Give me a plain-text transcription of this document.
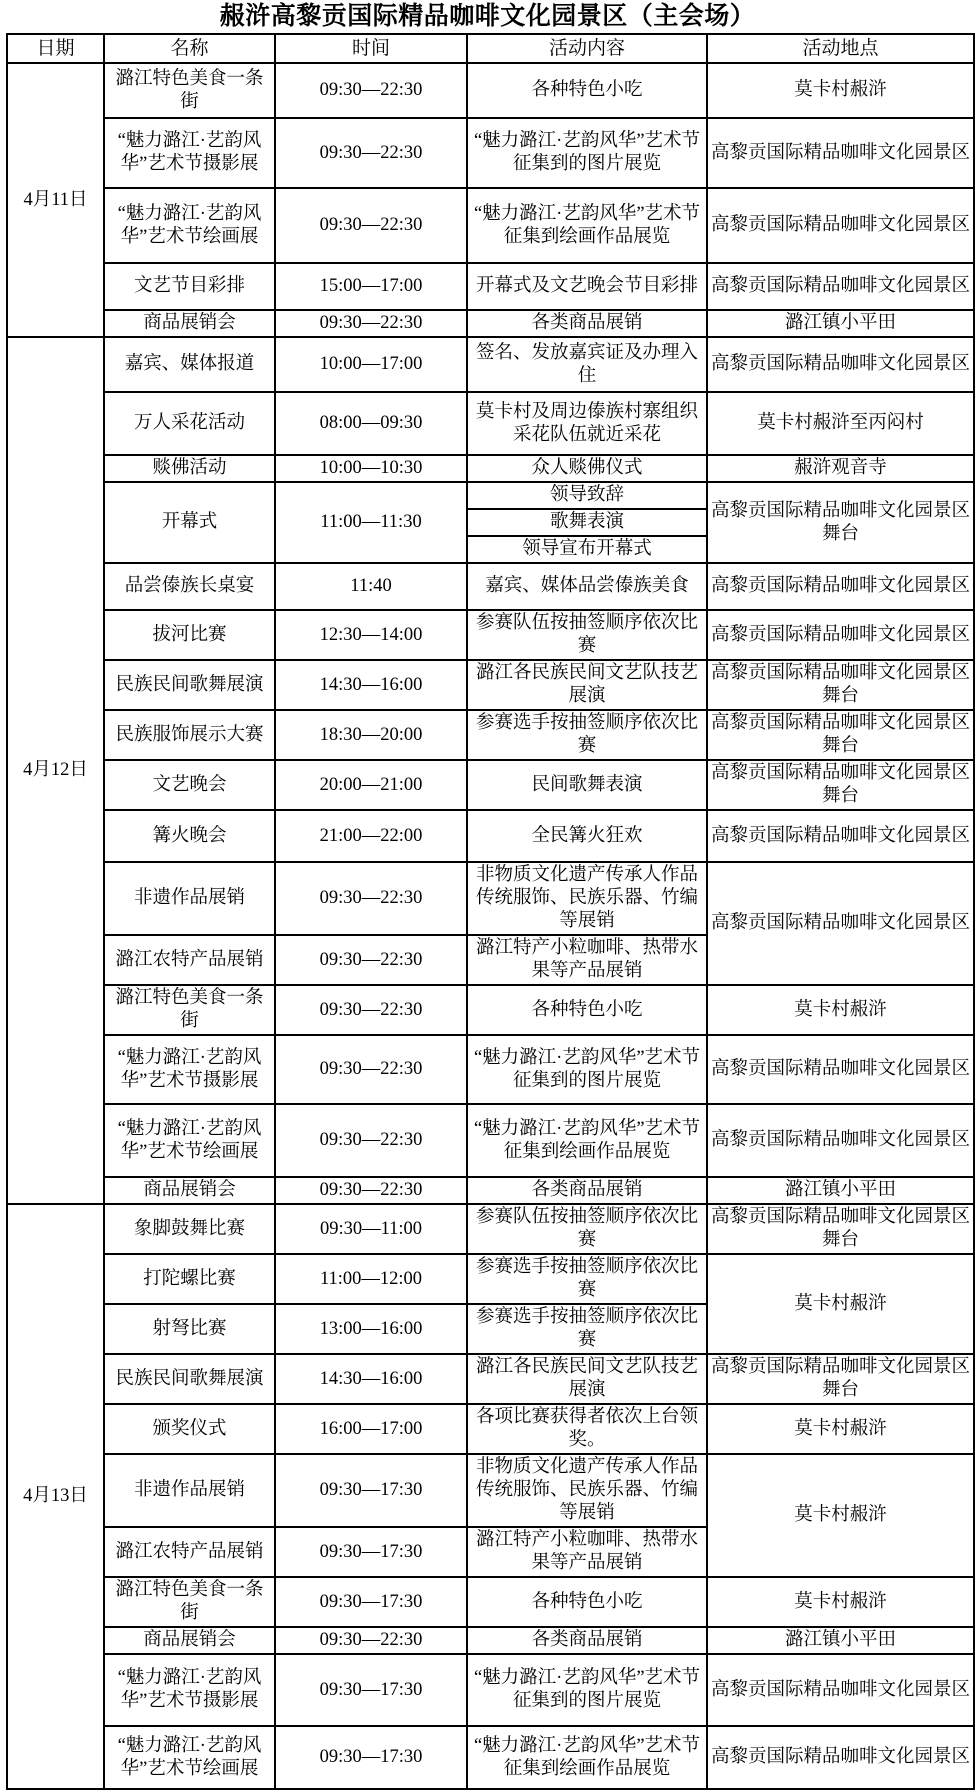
赧浒高黎贡国际精品咖啡文化园景区（主会场）
日期	名称	时间	活动内容	活动地点
4月11日	潞江特色美食一条街	09:30—22:30	各种特色小吃	莫卡村赧浒
	“魅力潞江·艺韵风华”艺术节摄影展	09:30—22:30	“魅力潞江·艺韵风华”艺术节征集到的图片展览	高黎贡国际精品咖啡文化园景区
	“魅力潞江·艺韵风华”艺术节绘画展	09:30—22:30	“魅力潞江·艺韵风华”艺术节征集到绘画作品展览	高黎贡国际精品咖啡文化园景区
	文艺节目彩排	15:00—17:00	开幕式及文艺晚会节目彩排	高黎贡国际精品咖啡文化园景区
	商品展销会	09:30—22:30	各类商品展销	潞江镇小平田
4月12日	嘉宾、媒体报道	10:00—17:00	签名、发放嘉宾证及办理入住	高黎贡国际精品咖啡文化园景区
	万人采花活动	08:00—09:30	莫卡村及周边傣族村寨组织采花队伍就近采花	莫卡村赧浒至丙闷村
	赕佛活动	10:00—10:30	众人赕佛仪式	赧浒观音寺
	开幕式	11:00—11:30	领导致辞	高黎贡国际精品咖啡文化园景区舞台
			歌舞表演	
			领导宣布开幕式	
	品尝傣族长桌宴	11:40	嘉宾、媒体品尝傣族美食	高黎贡国际精品咖啡文化园景区
	拔河比赛	12:30—14:00	参赛队伍按抽签顺序依次比赛	高黎贡国际精品咖啡文化园景区
	民族民间歌舞展演	14:30—16:00	潞江各民族民间文艺队技艺展演	高黎贡国际精品咖啡文化园景区舞台
	民族服饰展示大赛	18:30—20:00	参赛选手按抽签顺序依次比赛	高黎贡国际精品咖啡文化园景区舞台
	文艺晚会	20:00—21:00	民间歌舞表演	高黎贡国际精品咖啡文化园景区舞台
	篝火晚会	21:00—22:00	全民篝火狂欢	高黎贡国际精品咖啡文化园景区
	非遗作品展销	09:30—22:30	非物质文化遗产传承人作品传统服饰、民族乐器、竹编等展销	高黎贡国际精品咖啡文化园景区
	潞江农特产品展销	09:30—22:30	潞江特产小粒咖啡、热带水果等产品展销	
	潞江特色美食一条街	09:30—22:30	各种特色小吃	莫卡村赧浒
	“魅力潞江·艺韵风华”艺术节摄影展	09:30—22:30	“魅力潞江·艺韵风华”艺术节征集到的图片展览	高黎贡国际精品咖啡文化园景区
	“魅力潞江·艺韵风华”艺术节绘画展	09:30—22:30	“魅力潞江·艺韵风华”艺术节征集到绘画作品展览	高黎贡国际精品咖啡文化园景区
	商品展销会	09:30—22:30	各类商品展销	潞江镇小平田
4月13日	象脚鼓舞比赛	09:30—11:00	参赛队伍按抽签顺序依次比赛	高黎贡国际精品咖啡文化园景区舞台
	打陀螺比赛	11:00—12:00	参赛选手按抽签顺序依次比赛	莫卡村赧浒
	射弩比赛	13:00—16:00	参赛选手按抽签顺序依次比赛	
	民族民间歌舞展演	14:30—16:00	潞江各民族民间文艺队技艺展演	高黎贡国际精品咖啡文化园景区舞台
	颁奖仪式	16:00—17:00	各项比赛获得者依次上台领奖。	莫卡村赧浒
	非遗作品展销	09:30—17:30	非物质文化遗产传承人作品传统服饰、民族乐器、竹编等展销	莫卡村赧浒
	潞江农特产品展销	09:30—17:30	潞江特产小粒咖啡、热带水果等产品展销	
	潞江特色美食一条街	09:30—17:30	各种特色小吃	莫卡村赧浒
	商品展销会	09:30—22:30	各类商品展销	潞江镇小平田
	“魅力潞江·艺韵风华”艺术节摄影展	09:30—17:30	“魅力潞江·艺韵风华”艺术节征集到的图片展览	高黎贡国际精品咖啡文化园景区
	“魅力潞江·艺韵风华”艺术节绘画展	09:30—17:30	“魅力潞江·艺韵风华”艺术节征集到绘画作品展览	高黎贡国际精品咖啡文化园景区
